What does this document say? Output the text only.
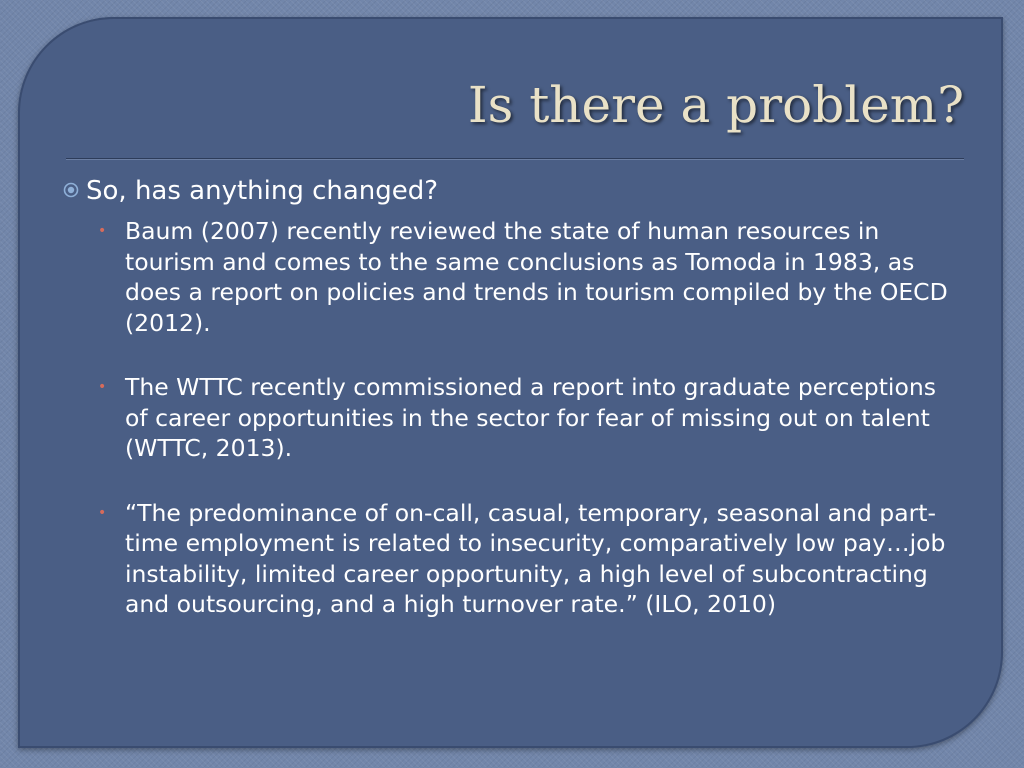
Is there a problem?
So, has anything changed?
• Baum (2007) recently reviewed the state of human resources in tourism and comes to the same conclusions as Tomoda in 1983, as does a report on policies and trends in tourism compiled by the OECD (2012).
• The WTTC recently commissioned a report into graduate perceptions of career opportunities in the sector for fear of missing out on talent (WTTC, 2013).
• “The predominance of on-call, casual, temporary, seasonal and part-time employment is related to insecurity, comparatively low pay…job instability, limited career opportunity, a high level of subcontracting and outsourcing, and a high turnover rate.” (ILO, 2010)
